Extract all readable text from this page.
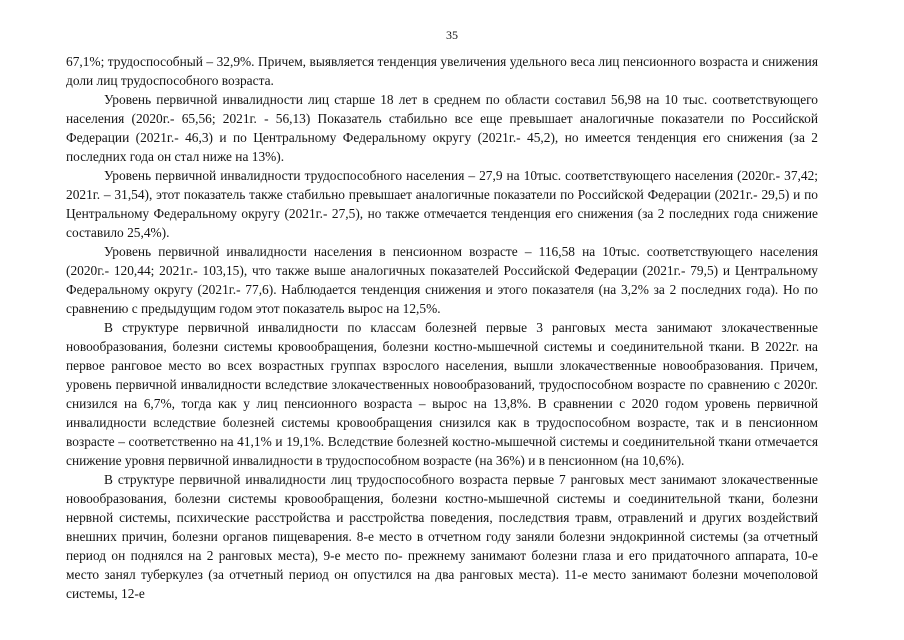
35

67,1%; трудоспособный – 32,9%. Причем, выявляется тенденция увеличения удельного веса лиц пенсионного возраста и снижения доли лиц трудоспособного возраста.

Уровень первичной инвалидности лиц старше 18 лет в среднем по области составил 56,98 на 10 тыс. соответствующего населения (2020г.- 65,56; 2021г. - 56,13) Показатель стабильно все еще превышает аналогичные показатели по Российской Федерации (2021г.- 46,3) и по Центральному Федеральному округу (2021г.- 45,2), но имеется тенденция его снижения (за 2 последних года он стал ниже на 13%).

Уровень первичной инвалидности трудоспособного населения – 27,9 на 10тыс. соответствующего населения (2020г.- 37,42; 2021г. – 31,54), этот показатель также стабильно превышает аналогичные показатели по Российской Федерации (2021г.- 29,5) и по Центральному Федеральному округу (2021г.- 27,5), но также отмечается тенденция его снижения (за 2 последних года снижение составило 25,4%).

Уровень первичной инвалидности населения в пенсионном возрасте – 116,58 на 10тыс. соответствующего населения (2020г.- 120,44; 2021г.- 103,15), что также выше аналогичных показателей Российской Федерации (2021г.- 79,5) и Центральному Федеральному округу (2021г.- 77,6). Наблюдается тенденция снижения и этого показателя (на 3,2% за 2 последних года). Но по сравнению с предыдущим годом этот показатель вырос на 12,5%.

В структуре первичной инвалидности по классам болезней первые 3 ранговых места занимают злокачественные новообразования, болезни системы кровообращения, болезни костно-мышечной системы и соединительной ткани. В 2022г. на первое ранговое место во всех возрастных группах взрослого населения, вышли злокачественные новообразования. Причем, уровень первичной инвалидности вследствие злокачественных новообразований, трудоспособном возрасте по сравнению с 2020г. снизился на 6,7%, тогда как у лиц пенсионного возраста – вырос на 13,8%. В сравнении с 2020 годом уровень первичной инвалидности вследствие болезней системы кровообращения снизился как в трудоспособном возрасте, так и в пенсионном возрасте – соответственно на 41,1% и 19,1%. Вследствие болезней костно-мышечной системы и соединительной ткани отмечается снижение уровня первичной инвалидности в трудоспособном возрасте (на 36%) и в пенсионном (на 10,6%).

В структуре первичной инвалидности лиц трудоспособного возраста первые 7 ранговых мест занимают злокачественные новообразования, болезни системы кровообращения, болезни костно-мышечной системы и соединительной ткани, болезни нервной системы, психические расстройства и расстройства поведения, последствия травм, отравлений и других воздействий внешних причин, болезни органов пищеварения. 8-е место в отчетном году заняли болезни эндокринной системы (за отчетный период он поднялся на 2 ранговых места), 9-е место по- прежнему занимают болезни глаза и его придаточного аппарата, 10-е место занял туберкулез (за отчетный период он опустился на два ранговых места). 11-е место занимают болезни мочеполовой системы, 12-е
